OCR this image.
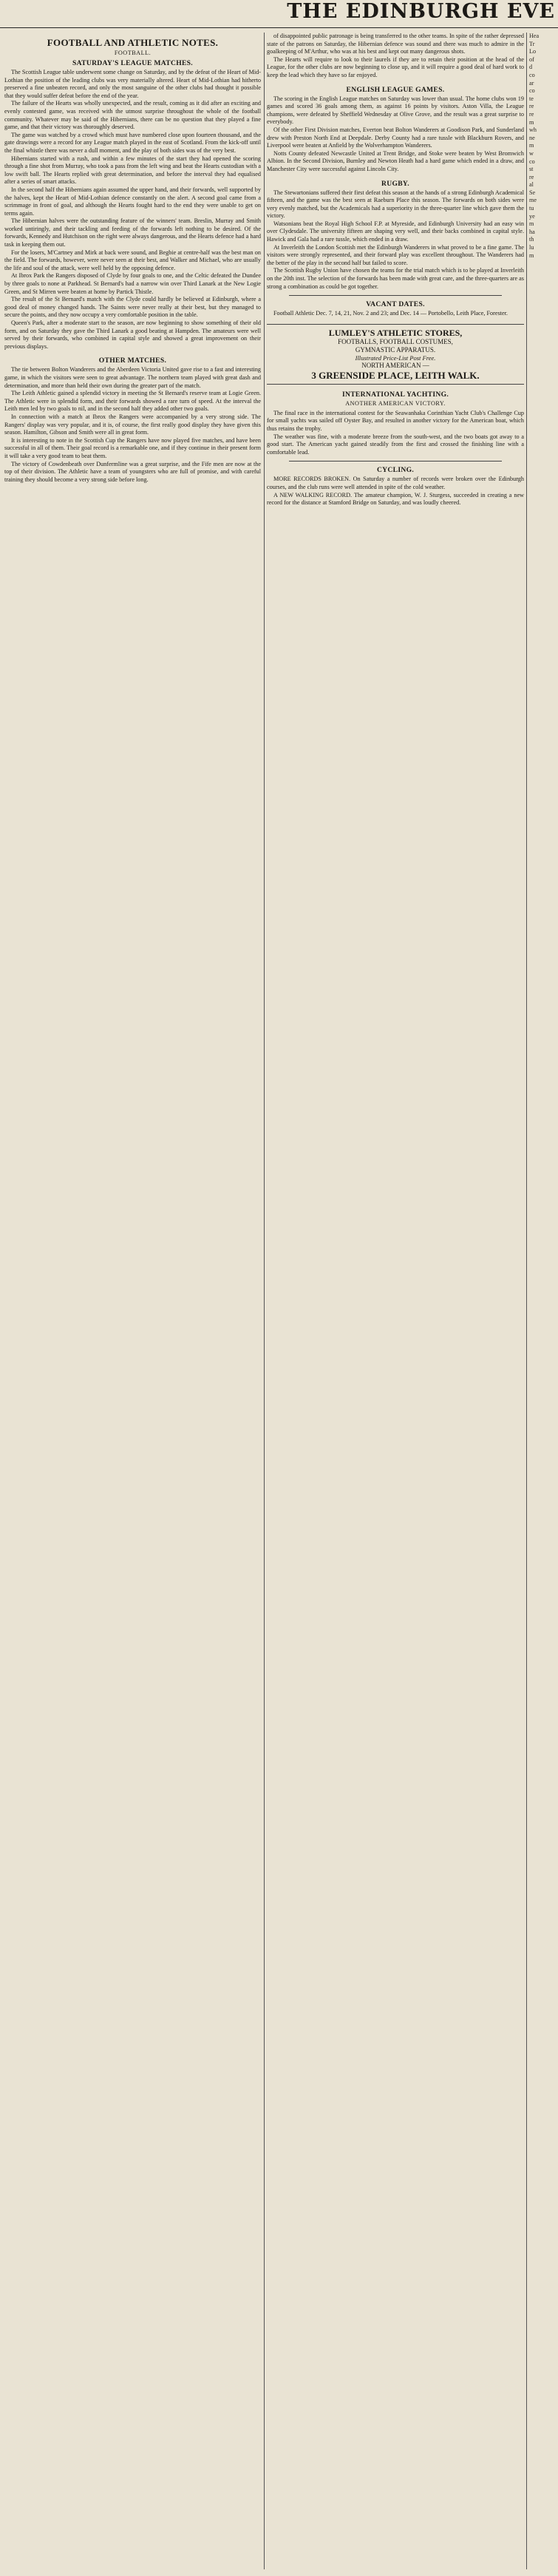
THE EDINBURGH EVE
FOOTBALL AND ATHLETIC NOTES.
FOOTBALL.
SATURDAY'S LEAGUE MATCHES.

The Scottish League table underwent some change on Saturday, and by the defeat of the Heart of Mid-Lothian the position of the leading clubs was very materially altered. Heart of Mid-Lothian had hitherto preserved a fine unbeaten record, and only the most sanguine of the other clubs had thought it possible that they would suffer defeat before the end of the year.

The failure of the Hearts was wholly unexpected, and the result, coming as it did after an exciting and evenly contested game, was received with the utmost surprise throughout the whole of the football community. Whatever may be said of the Hibernians, there can be no question that they played a fine game, and that their victory was thoroughly deserved.

The game was watched by a crowd which must have numbered close upon fourteen thousand, and the gate drawings were a record for any League match played in the east of Scotland. From the kick-off until the final whistle there was never a dull moment, and the play of both sides was of the very best.

Hibernians started with a rush, and within a few minutes of the start they had opened the scoring through a fine shot from Murray, who took a pass from the left wing and beat the Hearts custodian with a low swift ball. The Hearts replied with great determination, and before the interval they had equalised after a series of smart attacks.

In the second half the Hibernians again assumed the upper hand, and their forwards, well supported by the halves, kept the Heart of Mid-Lothian defence constantly on the alert. A second goal came from a scrimmage in front of goal, and although the Hearts fought hard to the end they were unable to get on terms again.

The Hibernian halves were the outstanding feature of the winners' team. Breslin, Murray and Smith worked untiringly, and their tackling and feeding of the forwards left nothing to be desired. Of the forwards, Kennedy and Hutchison on the right were always dangerous, and the Hearts defence had a hard task in keeping them out.

For the losers, M'Cartney and Mirk at back were sound, and Begbie at centre-half was the best man on the field. The forwards, however, were never seen at their best, and Walker and Michael, who are usually the life and soul of the attack, were well held by the opposing defence.

At Ibrox Park the Rangers disposed of Clyde by four goals to one, and the Celtic defeated the Dundee by three goals to none at Parkhead. St Bernard's had a narrow win over Third Lanark at the New Logie Green, and St Mirren were beaten at home by Partick Thistle.

The result of the St Bernard's match with the Clyde could hardly be believed at Edinburgh, where a good deal of money changed hands. The Saints were never really at their best, but they managed to secure the points, and they now occupy a very comfortable position in the table.

Queen's Park, after a moderate start to the season, are now beginning to show something of their old form, and on Saturday they gave the Third Lanark a good beating at Hampden. The amateurs were well served by their forwards, who combined in capital style and showed a great improvement on their previous displays.

OTHER MATCHES.

The tie between Bolton Wanderers and the Aberdeen Victoria United gave rise to a fast and interesting game, in which the visitors were seen to great advantage. The northern team played with great dash and determination, and more than held their own during the greater part of the match.

The Leith Athletic gained a splendid victory in meeting the St Bernard's reserve team at Logie Green. The Athletic were in splendid form, and their forwards showed a rare turn of speed. At the interval the Leith men led by two goals to nil, and in the second half they added other two goals.

In connection with a match at Ibrox the Rangers were accompanied by a very strong side. The Rangers' display was very popular, and it is, of course, the first really good display they have given this season. Hamilton, Gibson and Smith were all in great form.

It is interesting to note in the Scottish Cup the Rangers have now played five matches, and have been successful in all of them. Their goal record is a remarkable one, and if they continue in their present form it will take a very good team to beat them.

The victory of Cowdenbeath over Dunfermline was a great surprise, and the Fife men are now at the top of their division. The Athletic have a team of youngsters who are full of promise, and with careful training they should become a very strong side before long.

of disappointed public patronage is being transferred to the other teams. In spite of the rather depressed state of the patrons on Saturday, the Hibernian defence was sound and there was much to admire in the goalkeeping of M'Arthur, who was at his best and kept out many dangerous shots.

The Hearts will require to look to their laurels if they are to retain their position at the head of the League, for the other clubs are now beginning to close up, and it will require a good deal of hard work to keep the lead which they have so far enjoyed.

ENGLISH LEAGUE GAMES.

The scoring in the English League matches on Saturday was lower than usual. The home clubs won 19 games and scored 36 goals among them, as against 16 points by visitors. Aston Villa, the League champions, were defeated by Sheffield Wednesday at Olive Grove, and the result was a great surprise to everybody.

Of the other First Division matches, Everton beat Bolton Wanderers at Goodison Park, and Sunderland drew with Preston North End at Deepdale. Derby County had a rare tussle with Blackburn Rovers, and Liverpool were beaten at Anfield by the Wolverhampton Wanderers.

Notts County defeated Newcastle United at Trent Bridge, and Stoke were beaten by West Bromwich Albion. In the Second Division, Burnley and Newton Heath had a hard game which ended in a draw, and Manchester City were successful against Lincoln City.

RUGBY.

The Stewartonians suffered their first defeat this season at the hands of a strong Edinburgh Academical fifteen, and the game was the best seen at Raeburn Place this season. The forwards on both sides were very evenly matched, but the Academicals had a superiority in the three-quarter line which gave them the victory.

Watsonians beat the Royal High School F.P. at Myreside, and Edinburgh University had an easy win over Clydesdale. The university fifteen are shaping very well, and their backs combined in capital style. Hawick and Gala had a rare tussle, which ended in a draw.

At Inverleith the London Scottish met the Edinburgh Wanderers in what proved to be a fine game. The visitors were strongly represented, and their forward play was excellent throughout. The Wanderers had the better of the play in the second half but failed to score.

The Scottish Rugby Union have chosen the teams for the trial match which is to be played at Inverleith on the 20th inst. The selection of the forwards has been made with great care, and the three-quarters are as strong a combination as could be got together.

VACANT DATES.

Football Athletic Dec. 7, 14, 21, Nov. 2 and 23; and Dec. 14 — Portobello, Leith Place, Forester.

LUMLEY'S ATHLETIC STORES,
FOOTBALLS, FOOTBALL COSTUMES,
GYMNASTIC APPARATUS.
Illustrated Price-List Post Free.
NORTH AMERICAN —
3 GREENSIDE PLACE, LEITH WALK.
INTERNATIONAL YACHTING.
ANOTHER AMERICAN VICTORY.

The final race in the international contest for the Seawanhaka Corinthian Yacht Club's Challenge Cup for small yachts was sailed off Oyster Bay, and resulted in another victory for the American boat, which thus retains the trophy.

The weather was fine, with a moderate breeze from the south-west, and the two boats got away to a good start. The American yacht gained steadily from the first and crossed the finishing line with a comfortable lead.

CYCLING.

MORE RECORDS BROKEN. On Saturday a number of records were broken over the Edinburgh courses, and the club runs were well attended in spite of the cold weather.

A NEW WALKING RECORD. The amateur champion, W. J. Sturgess, succeeded in creating a new record for the distance at Stamford Bridge on Saturday, and was loudly cheered.

Hea
Tr
Lo
of
d
co
ar
co
te
re
re
m
wh
ne
m
w
co
st
re
al
Se
me
tu
ye
m
ha
th
lu
m
